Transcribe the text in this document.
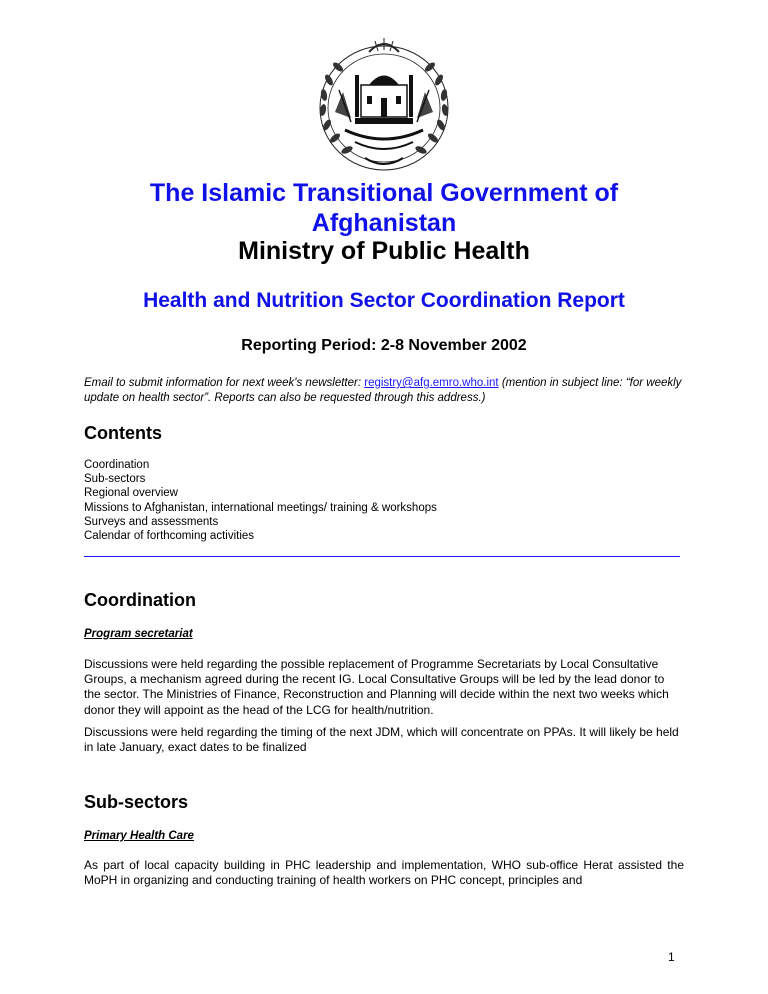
The Islamic Transitional Government of
Afghanistan
Ministry of Public Health
Health and Nutrition Sector Coordination Report
Reporting Period: 2-8 November 2002
Email to submit information for next week's newsletter: registry@afg.emro.who.int (mention in subject line: “for weekly update on health sector”. Reports can also be requested through this address.)
Contents
Coordination
Sub-sectors
Regional overview
Missions to Afghanistan, international meetings/ training & workshops
Surveys and assessments
Calendar of forthcoming activities
Coordination
Program secretariat
Discussions were held regarding the possible replacement of Programme Secretariats by Local Consultative Groups, a mechanism agreed during the recent IG. Local Consultative Groups will be led by the lead donor to the sector. The Ministries of Finance, Reconstruction and Planning will decide within the next two weeks which donor they will appoint as the head of the LCG for health/nutrition.
Discussions were held regarding the timing of the next JDM, which will concentrate on PPAs. It will likely be held in late January, exact dates to be finalized
Sub-sectors
Primary Health Care
As part of local capacity building in PHC leadership and implementation, WHO sub-office Herat assisted the MoPH in organizing and conducting training of health workers on PHC concept, principles and
1
